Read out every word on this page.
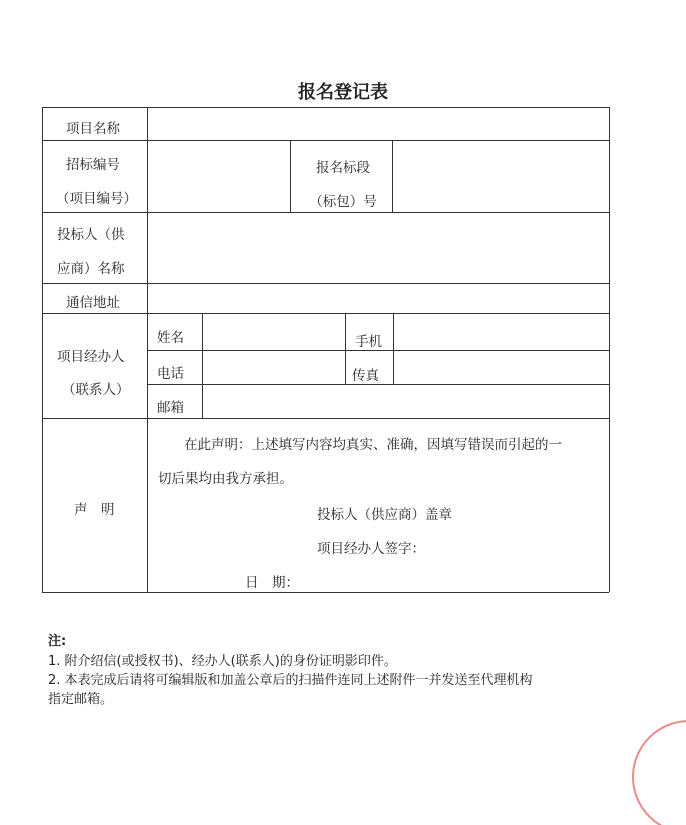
报名登记表
项目名称
招标编号
（项目编号）
报名标段
（标包）号
投标人（供
应商）名称
通信地址
项目经办人
（联系人）
姓名	手机
电话	传真
邮箱
声　明
在此声明：上述填写内容均真实、准确，因填写错误而引起的一
切后果均由我方承担。
投标人（供应商）盖章
项目经办人签字：
日　期：
注:
1. 附介绍信(或授权书)、经办人(联系人)的身份证明影印件。
2. 本表完成后请将可编辑版和加盖公章后的扫描件连同上述附件一并发送至代理机构
指定邮箱。
